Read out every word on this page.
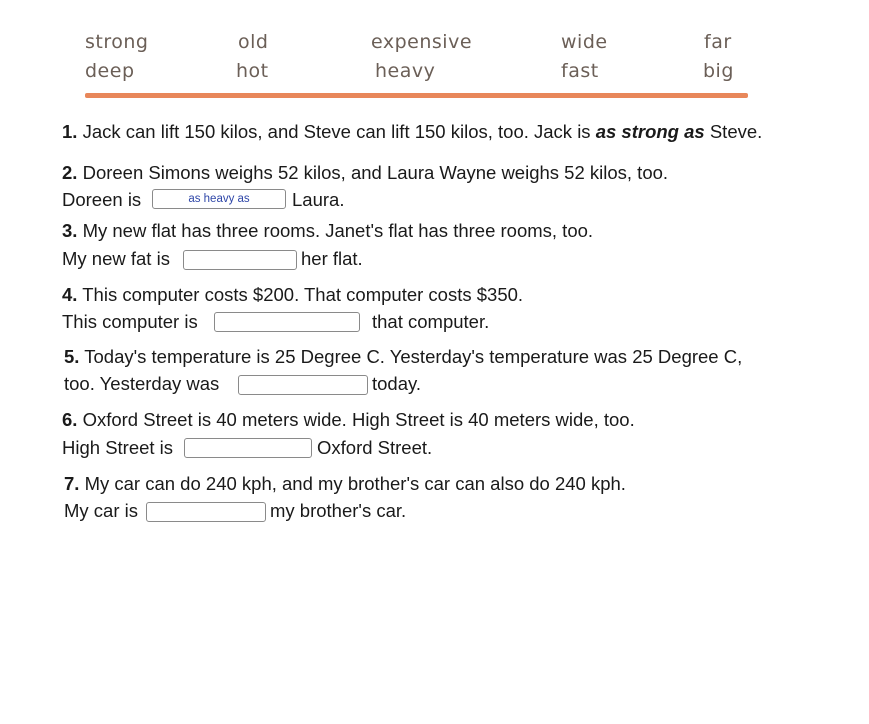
strong	old	expensive	wide	far
deep	hot	heavy	fast	big
1. Jack can lift 150 kilos, and Steve can lift 150 kilos, too. Jack is as strong as Steve.
2. Doreen Simons weighs 52 kilos, and Laura Wayne weighs 52 kilos, too.
Doreen is	as heavy as	Laura.
3. My new flat has three rooms. Janet's flat has three rooms, too.
My new fat is	her flat.
4. This computer costs $200. That computer costs $350.
This computer is	that computer.
5. Today's temperature is 25 Degree C. Yesterday's temperature was 25 Degree C,
too. Yesterday was	today.
6. Oxford Street is 40 meters wide. High Street is 40 meters wide, too.
High Street is	Oxford Street.
7. My car can do 240 kph, and my brother's car can also do 240 kph.
My car is	my brother's car.
